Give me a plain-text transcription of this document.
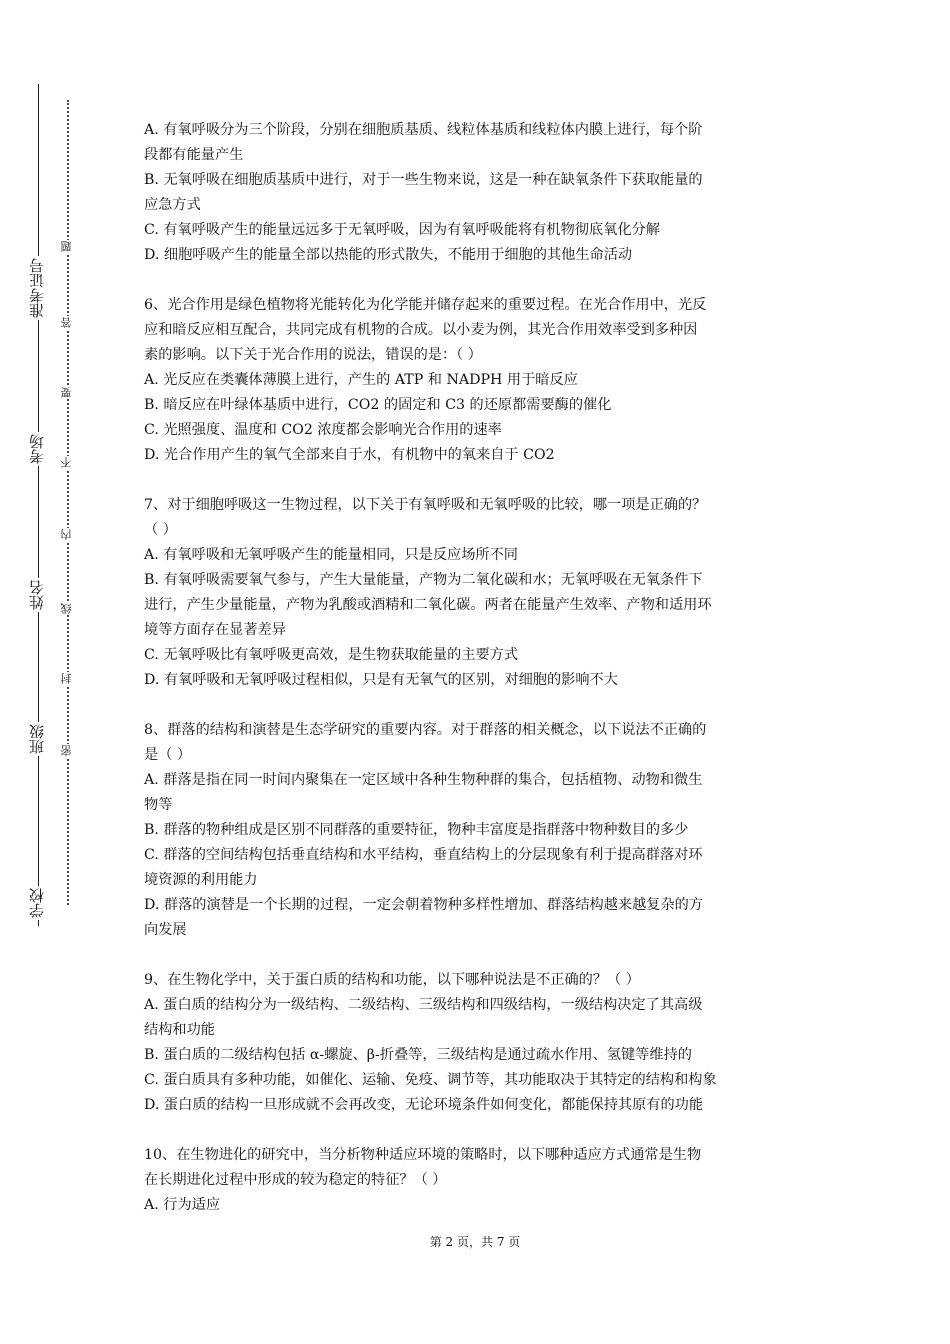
准考证号
考场
姓名
班级
学校
题
答
要
不
内
线
封
密

A. 有氧呼吸分为三个阶段，分别在细胞质基质、线粒体基质和线粒体内膜上进行，每个阶

段都有能量产生

B. 无氧呼吸在细胞质基质中进行，对于一些生物来说，这是一种在缺氧条件下获取能量的

应急方式

C. 有氧呼吸产生的能量远远多于无氧呼吸，因为有氧呼吸能将有机物彻底氧化分解

D. 细胞呼吸产生的能量全部以热能的形式散失，不能用于细胞的其他生命活动

6、光合作用是绿色植物将光能转化为化学能并储存起来的重要过程。在光合作用中，光反

应和暗反应相互配合，共同完成有机物的合成。以小麦为例，其光合作用效率受到多种因

素的影响。以下关于光合作用的说法，错误的是：（ ）

A. 光反应在类囊体薄膜上进行，产生的 ATP 和 NADPH 用于暗反应

B. 暗反应在叶绿体基质中进行，CO2 的固定和 C3 的还原都需要酶的催化

C. 光照强度、温度和 CO2 浓度都会影响光合作用的速率

D. 光合作用产生的氧气全部来自于水，有机物中的氧来自于 CO2

7、对于细胞呼吸这一生物过程，以下关于有氧呼吸和无氧呼吸的比较，哪一项是正确的？

（ ）

A. 有氧呼吸和无氧呼吸产生的能量相同，只是反应场所不同

B. 有氧呼吸需要氧气参与，产生大量能量，产物为二氧化碳和水；无氧呼吸在无氧条件下

进行，产生少量能量，产物为乳酸或酒精和二氧化碳。两者在能量产生效率、产物和适用环

境等方面存在显著差异

C. 无氧呼吸比有氧呼吸更高效，是生物获取能量的主要方式

D. 有氧呼吸和无氧呼吸过程相似，只是有无氧气的区别，对细胞的影响不大

8、群落的结构和演替是生态学研究的重要内容。对于群落的相关概念，以下说法不正确的

是（ ）

A. 群落是指在同一时间内聚集在一定区域中各种生物种群的集合，包括植物、动物和微生

物等

B. 群落的物种组成是区别不同群落的重要特征，物种丰富度是指群落中物种数目的多少

C. 群落的空间结构包括垂直结构和水平结构，垂直结构上的分层现象有利于提高群落对环

境资源的利用能力

D. 群落的演替是一个长期的过程，一定会朝着物种多样性增加、群落结构越来越复杂的方

向发展

9、在生物化学中，关于蛋白质的结构和功能，以下哪种说法是不正确的？（ ）

A. 蛋白质的结构分为一级结构、二级结构、三级结构和四级结构，一级结构决定了其高级

结构和功能

B. 蛋白质的二级结构包括 α-螺旋、β-折叠等，三级结构是通过疏水作用、氢键等维持的

C. 蛋白质具有多种功能，如催化、运输、免疫、调节等，其功能取决于其特定的结构和构象

D. 蛋白质的结构一旦形成就不会再改变，无论环境条件如何变化，都能保持其原有的功能

10、在生物进化的研究中，当分析物种适应环境的策略时，以下哪种适应方式通常是生物

在长期进化过程中形成的较为稳定的特征？（ ）

A. 行为适应

第 2 页，共 7 页
